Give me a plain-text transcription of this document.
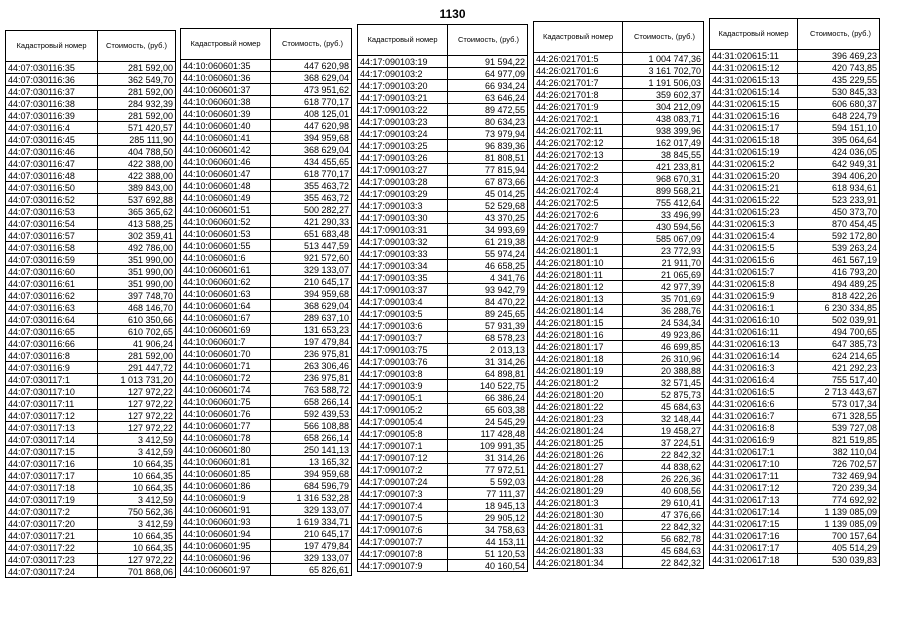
1130
Кадастровый номер	Стоимость, (руб.)

44:07:030116:35	281 592,00
44:07:030116:36	362 549,70
44:07:030116:37	281 592,00
44:07:030116:38	284 932,39
44:07:030116:39	281 592,00
44:07:030116:4	571 420,57
44:07:030116:45	285 111,90
44:07:030116:46	404 788,50
44:07:030116:47	422 388,00
44:07:030116:48	422 388,00
44:07:030116:50	389 843,00
44:07:030116:52	537 692,88
44:07:030116:53	365 365,62
44:07:030116:54	413 588,25
44:07:030116:57	302 359,41
44:07:030116:58	492 786,00
44:07:030116:59	351 990,00
44:07:030116:60	351 990,00
44:07:030116:61	351 990,00
44:07:030116:62	397 748,70
44:07:030116:63	468 146,70
44:07:030116:64	610 350,66
44:07:030116:65	610 702,65
44:07:030116:66	41 906,24
44:07:030116:8	281 592,00
44:07:030116:9	291 447,72
44:07:030117:1	1 013 731,20
44:07:030117:10	127 972,22
44:07:030117:11	127 972,22
44:07:030117:12	127 972,22
44:07:030117:13	127 972,22
44:07:030117:14	3 412,59
44:07:030117:15	3 412,59
44:07:030117:16	10 664,35
44:07:030117:17	10 664,35
44:07:030117:18	10 664,35
44:07:030117:19	3 412,59
44:07:030117:2	750 562,36
44:07:030117:20	3 412,59
44:07:030117:21	10 664,35
44:07:030117:22	10 664,35
44:07:030117:23	127 972,22
44:07:030117:24	701 868,06
Кадастровый номер	Стоимость, (руб.)

44:10:060601:35	447 620,98
44:10:060601:36	368 629,04
44:10:060601:37	473 951,62
44:10:060601:38	618 770,17
44:10:060601:39	408 125,01
44:10:060601:40	447 620,98
44:10:060601:41	394 959,68
44:10:060601:42	368 629,04
44:10:060601:46	434 455,65
44:10:060601:47	618 770,17
44:10:060601:48	355 463,72
44:10:060601:49	355 463,72
44:10:060601:51	500 282,27
44:10:060601:52	421 290,33
44:10:060601:53	651 683,48
44:10:060601:55	513 447,59
44:10:060601:6	921 572,60
44:10:060601:61	329 133,07
44:10:060601:62	210 645,17
44:10:060601:63	394 959,68
44:10:060601:64	368 629,04
44:10:060601:67	289 637,10
44:10:060601:69	131 653,23
44:10:060601:7	197 479,84
44:10:060601:70	236 975,81
44:10:060601:71	263 306,46
44:10:060601:72	236 975,81
44:10:060601:74	763 588,72
44:10:060601:75	658 266,14
44:10:060601:76	592 439,53
44:10:060601:77	566 108,88
44:10:060601:78	658 266,14
44:10:060601:80	250 141,13
44:10:060601:81	13 165,32
44:10:060601:85	394 959,68
44:10:060601:86	684 596,79
44:10:060601:9	1 316 532,28
44:10:060601:91	329 133,07
44:10:060601:93	1 619 334,71
44:10:060601:94	210 645,17
44:10:060601:95	197 479,84
44:10:060601:96	329 133,07
44:10:060601:97	65 826,61
Кадастровый номер	Стоимость, (руб.)

44:17:090103:19	91 594,22
44:17:090103:2	64 977,09
44:17:090103:20	66 934,24
44:17:090103:21	63 646,24
44:17:090103:22	89 472,55
44:17:090103:23	80 634,23
44:17:090103:24	73 979,94
44:17:090103:25	96 839,36
44:17:090103:26	81 808,51
44:17:090103:27	77 815,94
44:17:090103:28	67 873,66
44:17:090103:29	45 014,25
44:17:090103:3	52 529,68
44:17:090103:30	43 370,25
44:17:090103:31	34 993,69
44:17:090103:32	61 219,38
44:17:090103:33	55 974,24
44:17:090103:34	46 658,25
44:17:090103:35	4 341,76
44:17:090103:37	93 942,79
44:17:090103:4	84 470,22
44:17:090103:5	89 245,65
44:17:090103:6	57 931,39
44:17:090103:7	68 578,23
44:17:090103:75	2 013,13
44:17:090103:76	31 314,26
44:17:090103:8	64 898,81
44:17:090103:9	140 522,75
44:17:090105:1	66 386,24
44:17:090105:2	65 603,38
44:17:090105:4	24 545,29
44:17:090105:8	117 428,48
44:17:090107:1	109 991,35
44:17:090107:12	31 314,26
44:17:090107:2	77 972,51
44:17:090107:24	5 592,03
44:17:090107:3	77 111,37
44:17:090107:4	18 945,13
44:17:090107:5	29 905,12
44:17:090107:6	34 758,63
44:17:090107:7	44 153,11
44:17:090107:8	51 120,53
44:17:090107:9	40 160,54
Кадастровый номер	Стоимость, (руб.)

44:26:021701:5	1 004 747,36
44:26:021701:6	3 161 702,70
44:26:021701:7	1 191 506,03
44:26:021701:8	359 602,37
44:26:021701:9	304 212,09
44:26:021702:1	438 083,71
44:26:021702:11	938 399,96
44:26:021702:12	162 017,49
44:26:021702:13	38 845,55
44:26:021702:2	421 233,81
44:26:021702:3	968 670,31
44:26:021702:4	899 568,21
44:26:021702:5	755 412,64
44:26:021702:6	33 496,99
44:26:021702:7	430 594,56
44:26:021702:9	585 067,09
44:26:021801:1	23 772,93
44:26:021801:10	21 911,70
44:26:021801:11	21 065,69
44:26:021801:12	42 977,39
44:26:021801:13	35 701,69
44:26:021801:14	36 288,76
44:26:021801:15	24 534,34
44:26:021801:16	49 923,86
44:26:021801:17	46 699,85
44:26:021801:18	26 310,96
44:26:021801:19	20 388,88
44:26:021801:2	32 571,45
44:26:021801:20	52 875,73
44:26:021801:22	45 684,63
44:26:021801:23	32 148,44
44:26:021801:24	19 458,27
44:26:021801:25	37 224,51
44:26:021801:26	22 842,32
44:26:021801:27	44 838,62
44:26:021801:28	26 226,36
44:26:021801:29	40 608,56
44:26:021801:3	29 610,41
44:26:021801:30	47 376,66
44:26:021801:31	22 842,32
44:26:021801:32	56 682,78
44:26:021801:33	45 684,63
44:26:021801:34	22 842,32
Кадастровый номер	Стоимость, (руб.)

44:31:020615:11	396 469,23
44:31:020615:12	420 743,85
44:31:020615:13	435 229,55
44:31:020615:14	530 845,33
44:31:020615:15	606 680,37
44:31:020615:16	648 224,79
44:31:020615:17	594 151,10
44:31:020615:18	395 064,64
44:31:020615:19	424 036,05
44:31:020615:2	642 949,31
44:31:020615:20	394 406,20
44:31:020615:21	618 934,61
44:31:020615:22	523 233,91
44:31:020615:23	450 373,70
44:31:020615:3	870 454,45
44:31:020615:4	592 172,80
44:31:020615:5	539 263,24
44:31:020615:6	461 567,19
44:31:020615:7	416 793,20
44:31:020615:8	494 489,25
44:31:020615:9	818 422,26
44:31:020616:1	6 230 334,85
44:31:020616:10	502 039,91
44:31:020616:11	494 700,65
44:31:020616:13	647 385,73
44:31:020616:14	624 214,65
44:31:020616:3	421 292,23
44:31:020616:4	755 517,40
44:31:020616:5	2 713 443,67
44:31:020616:6	573 017,34
44:31:020616:7	671 328,55
44:31:020616:8	539 727,08
44:31:020616:9	821 519,85
44:31:020617:1	382 110,04
44:31:020617:10	726 702,57
44:31:020617:11	732 469,94
44:31:020617:12	720 239,34
44:31:020617:13	774 692,92
44:31:020617:14	1 139 085,09
44:31:020617:15	1 139 085,09
44:31:020617:16	700 157,64
44:31:020617:17	405 514,29
44:31:020617:18	530 039,83
